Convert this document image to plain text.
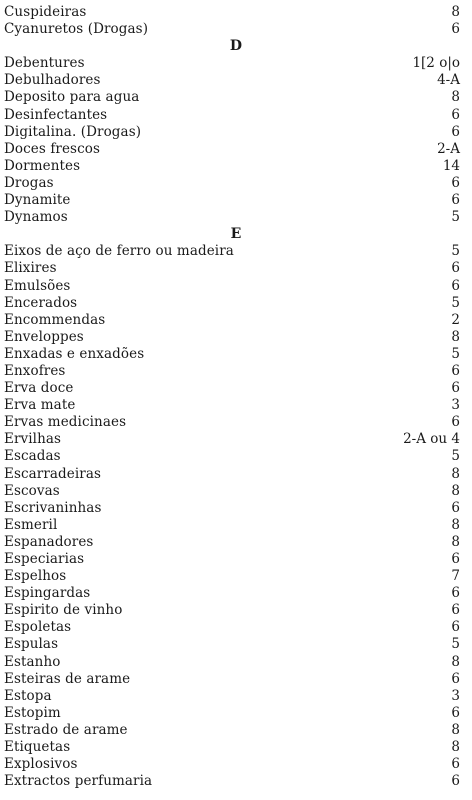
Cuspideiras	8
Cyanuretos (Drogas)	6
D
Debentures	1[2 o|o
Debulhadores	4-A
Deposito para agua	8
Desinfectantes	6
Digitalina. (Drogas)	6
Doces frescos	2-A
Dormentes	14
Drogas	6
Dynamite	6
Dynamos	5
E
Eixos de aço de ferro ou madeira	5
Elixires	6
Emulsões	6
Encerados	5
Encommendas	2
Enveloppes	8
Enxadas e enxadões	5
Enxofres	6
Erva doce	6
Erva mate	3
Ervas medicinaes	6
Ervilhas	2-A ou 4
Escadas	5
Escarradeiras	8
Escovas	8
Escrivaninhas	6
Esmeril	8
Espanadores	8
Especiarias	6
Espelhos	7
Espingardas	6
Espirito de vinho	6
Espoletas	6
Espulas	5
Estanho	8
Esteiras de arame	6
Estopa	3
Estopim	6
Estrado de arame	8
Etiquetas	8
Explosivos	6
Extractos perfumaria	6
